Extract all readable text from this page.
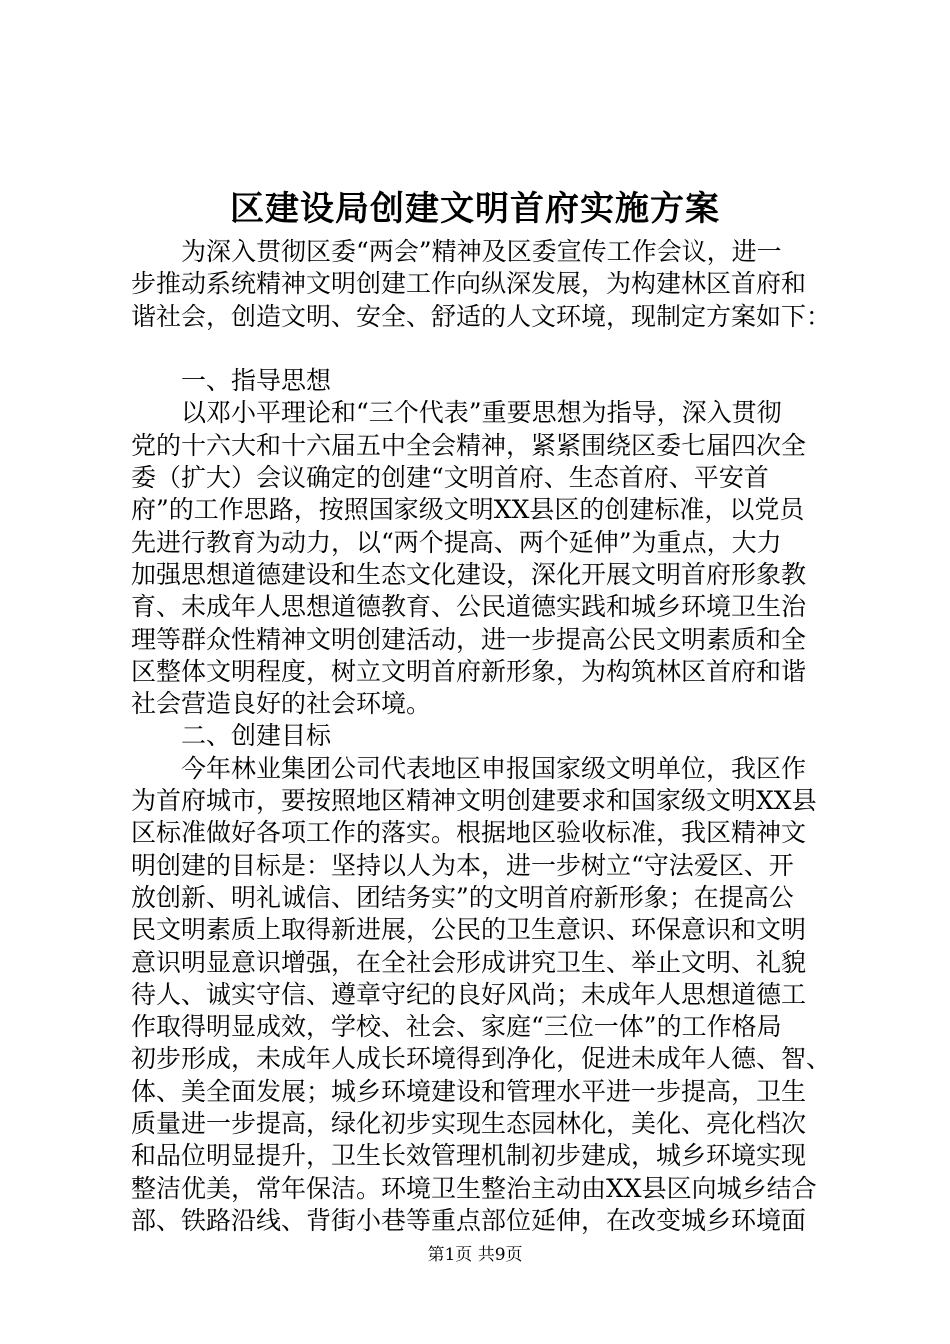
区建设局创建文明首府实施方案
　　为深入贯彻区委“两会”精神及区委宣传工作会议，进一
步推动系统精神文明创建工作向纵深发展，为构建林区首府和
谐社会，创造文明、安全、舒适的人文环境，现制定方案如下：
　　一、指导思想
　　以邓小平理论和“三个代表”重要思想为指导，深入贯彻
党的十六大和十六届五中全会精神，紧紧围绕区委七届四次全
委（扩大）会议确定的创建“文明首府、生态首府、平安首
府”的工作思路，按照国家级文明XX县区的创建标准，以党员
先进行教育为动力，以“两个提高、两个延伸”为重点，大力
加强思想道德建设和生态文化建设，深化开展文明首府形象教
育、未成年人思想道德教育、公民道德实践和城乡环境卫生治
理等群众性精神文明创建活动，进一步提高公民文明素质和全
区整体文明程度，树立文明首府新形象，为构筑林区首府和谐
社会营造良好的社会环境。
　　二、创建目标
　　今年林业集团公司代表地区申报国家级文明单位，我区作
为首府城市，要按照地区精神文明创建要求和国家级文明XX县
区标准做好各项工作的落实。根据地区验收标准，我区精神文
明创建的目标是：坚持以人为本，进一步树立“守法爱区、开
放创新、明礼诚信、团结务实”的文明首府新形象；在提高公
民文明素质上取得新进展，公民的卫生意识、环保意识和文明
意识明显意识增强，在全社会形成讲究卫生、举止文明、礼貌
待人、诚实守信、遵章守纪的良好风尚；未成年人思想道德工
作取得明显成效，学校、社会、家庭“三位一体”的工作格局
初步形成，未成年人成长环境得到净化，促进未成年人德、智、
体、美全面发展；城乡环境建设和管理水平进一步提高，卫生
质量进一步提高，绿化初步实现生态园林化，美化、亮化档次
和品位明显提升，卫生长效管理机制初步建成，城乡环境实现
整洁优美，常年保洁。环境卫生整治主动由XX县区向城乡结合
部、铁路沿线、背街小巷等重点部位延伸，在改变城乡环境面
第1页 共9页
